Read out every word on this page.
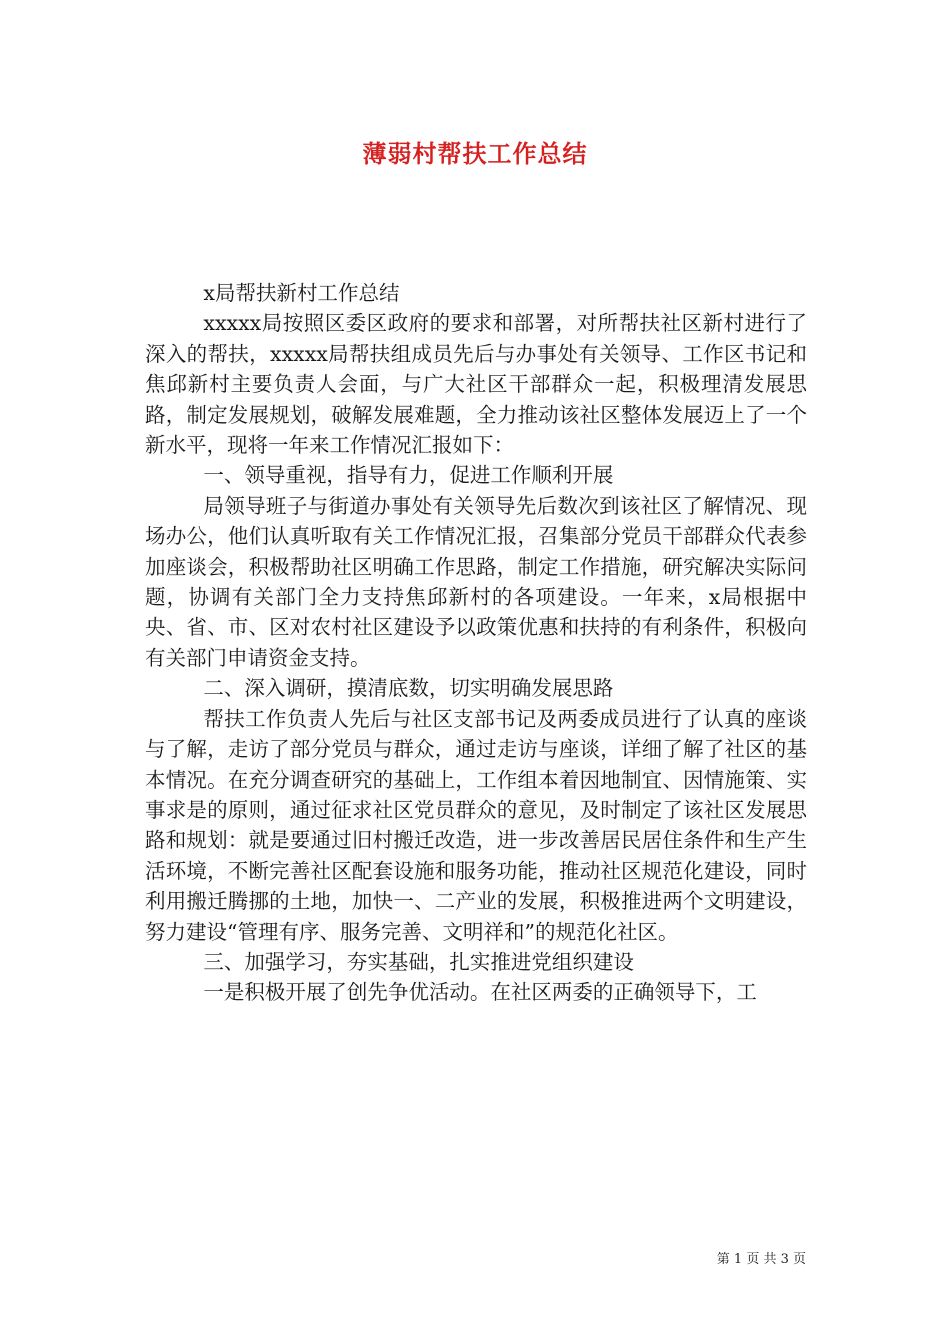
薄弱村帮扶工作总结

x局帮扶新村工作总结

xxxxx局按照区委区政府的要求和部署，对所帮扶社区新村进行了深入的帮扶，xxxxx局帮扶组成员先后与办事处有关领导、工作区书记和焦邱新村主要负责人会面，与广大社区干部群众一起，积极理清发展思路，制定发展规划，破解发展难题，全力推动该社区整体发展迈上了一个新水平，现将一年来工作情况汇报如下：

一、领导重视，指导有力，促进工作顺利开展

局领导班子与街道办事处有关领导先后数次到该社区了解情况、现场办公，他们认真听取有关工作情况汇报，召集部分党员干部群众代表参加座谈会，积极帮助社区明确工作思路，制定工作措施，研究解决实际问题，协调有关部门全力支持焦邱新村的各项建设。一年来，x局根据中央、省、市、区对农村社区建设予以政策优惠和扶持的有利条件，积极向有关部门申请资金支持。

二、深入调研，摸清底数，切实明确发展思路

帮扶工作负责人先后与社区支部书记及两委成员进行了认真的座谈与了解，走访了部分党员与群众，通过走访与座谈，详细了解了社区的基本情况。在充分调查研究的基础上，工作组本着因地制宜、因情施策、实事求是的原则，通过征求社区党员群众的意见，及时制定了该社区发展思路和规划：就是要通过旧村搬迁改造，进一步改善居民居住条件和生产生活环境，不断完善社区配套设施和服务功能，推动社区规范化建设，同时利用搬迁腾挪的土地，加快一、二产业的发展，积极推进两个文明建设，努力建设“管理有序、服务完善、文明祥和”的规范化社区。

三、加强学习，夯实基础，扎实推进党组织建设

一是积极开展了创先争优活动。在社区两委的正确领导下，工

第 1 页 共 3 页
